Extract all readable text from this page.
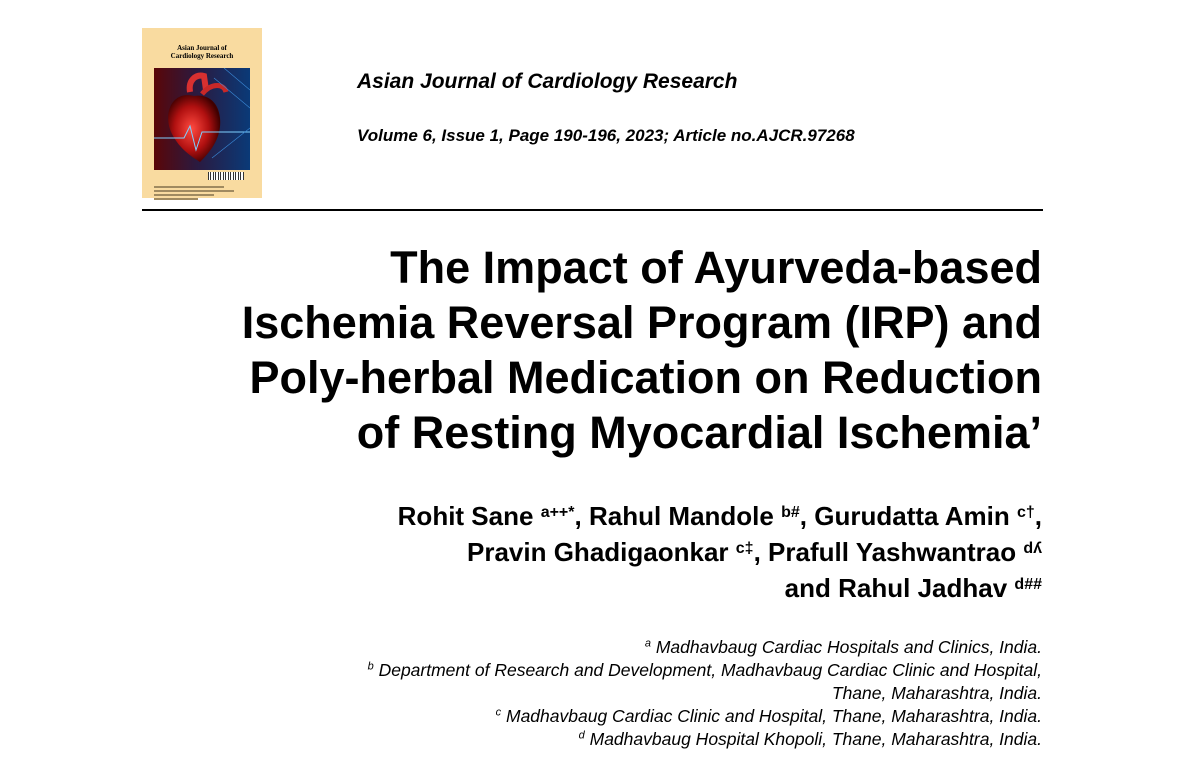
Asian Journal of
Cardiology Research
Asian Journal of Cardiology Research
Volume 6, Issue 1, Page 190-196, 2023; Article no.AJCR.97268
The Impact of Ayurveda-based
Ischemia Reversal Program (IRP) and
Poly-herbal Medication on Reduction
of Resting Myocardial Ischemia’
Rohit Sane $^{a++*}$, Rahul Mandole $^{b\#}$, Gurudatta Amin $^{c\dagger}$,
Pravin Ghadigaonkar $^{c\ddagger}$, Prafull Yashwantrao $^{dʎ}$
and Rahul Jadhav $^{d\#\#}$
$^a$ Madhavbaug Cardiac Hospitals and Clinics, India.
$^b$ Department of Research and Development, Madhavbaug Cardiac Clinic and Hospital,
Thane, Maharashtra, India.
$^c$ Madhavbaug Cardiac Clinic and Hospital, Thane, Maharashtra, India.
$^d$ Madhavbaug Hospital Khopoli, Thane, Maharashtra, India.
